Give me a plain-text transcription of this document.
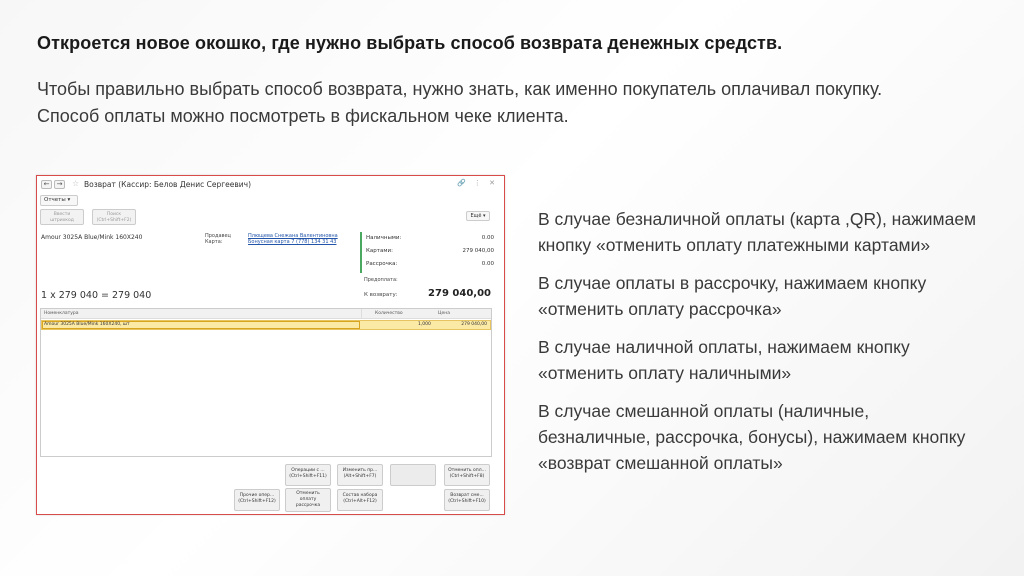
Откроется новое окошко, где нужно выбрать способ возврата денежных средств.
Чтобы правильно выбрать способ возврата, нужно знать, как именно покупатель оплачивал покупку. Способ оплаты можно посмотреть в фискальном чеке клиента.

В случае безналичной оплаты (карта ,QR), нажимаем кнопку «отменить оплату платежными картами»

В случае оплаты в рассрочку, нажимаем кнопку «отменить оплату рассрочка»

В случае наличной оплаты, нажимаем кнопку «отменить оплату наличными»

В случае смешанной оплаты (наличные, безналичные, рассрочка, бонусы), нажимаем кнопку «возврат смешанной оплаты»

←	→	☆ Возврат (Кассир: Белов Денис Сергеевич)	🔗 ⋮ ✕
Отчеты ▾
Ввести
штрихкод
Поиск
(Ctrl+Shift+F2)
Ещё ▾
Amour 3025A Blue/Mink 160X240	Продавец
Карта:
Плющева Снежана Валентиновна
Бонусная карта 7 (778) 134 31 43
Наличными:	0.00
Картами:	279 040,00
Рассрочка:	0.00
Предоплата:
К возврату:	279 040,00
1 x 279 040 = 279 040
Номенклатура	Количество	Цена
Amour 3025A Blue/Mink 160X240, шт	1,000	279 040,00
Операции с ...
(Ctrl+Shift+F11)
Изменить пр...
(Alt+Shift+F7)
Отменить опл...
(Ctrl+Shift+F8)
Прочие опер...
(Ctrl+Shift+F12)
Отменить
оплату
рассрочка
Состав набора
(Ctrl+Alt+F12)
Возврат сме...
(Ctrl+Shift+F10)
